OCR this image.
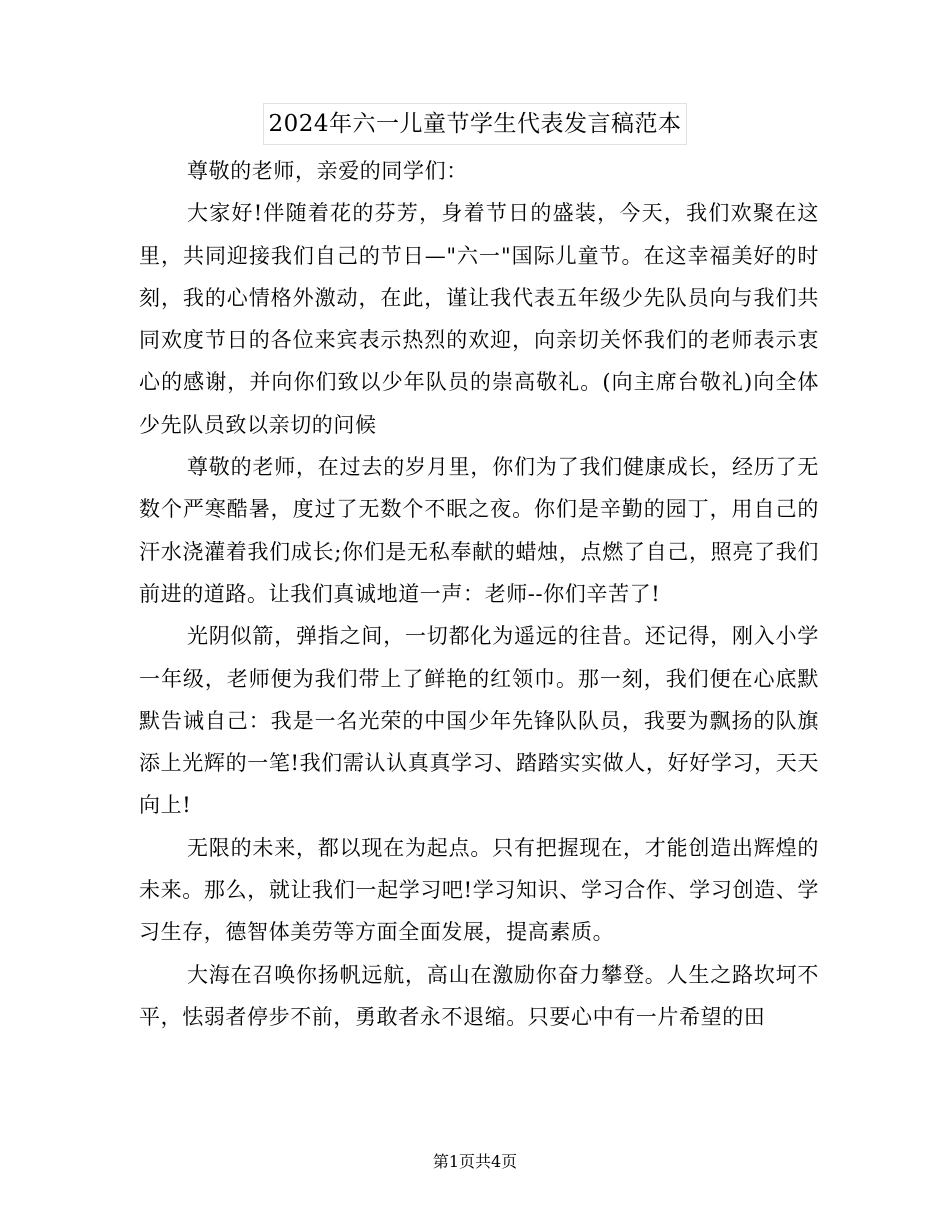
2024年六一儿童节学生代表发言稿范本

尊敬的老师，亲爱的同学们：

大家好!伴随着花的芬芳，身着节日的盛装，今天，我们欢聚在这里，共同迎接我们自己的节日—"六一"国际儿童节。在这幸福美好的时刻，我的心情格外激动，在此，谨让我代表五年级少先队员向与我们共同欢度节日的各位来宾表示热烈的欢迎，向亲切关怀我们的老师表示衷心的感谢，并向你们致以少年队员的崇高敬礼。(向主席台敬礼)向全体少先队员致以亲切的问候

尊敬的老师，在过去的岁月里，你们为了我们健康成长，经历了无数个严寒酷暑，度过了无数个不眠之夜。你们是辛勤的园丁，用自己的汗水浇灌着我们成长;你们是无私奉献的蜡烛，点燃了自己，照亮了我们前进的道路。让我们真诚地道一声：老师--你们辛苦了!

光阴似箭，弹指之间，一切都化为遥远的往昔。还记得，刚入小学一年级，老师便为我们带上了鲜艳的红领巾。那一刻，我们便在心底默默告诫自己：我是一名光荣的中国少年先锋队队员，我要为飘扬的队旗添上光辉的一笔!我们需认认真真学习、踏踏实实做人，好好学习，天天向上!

无限的未来，都以现在为起点。只有把握现在，才能创造出辉煌的未来。那么，就让我们一起学习吧!学习知识、学习合作、学习创造、学习生存，德智体美劳等方面全面发展，提高素质。

大海在召唤你扬帆远航，高山在激励你奋力攀登。人生之路坎坷不平，怯弱者停步不前，勇敢者永不退缩。只要心中有一片希望的田

第1页共4页
